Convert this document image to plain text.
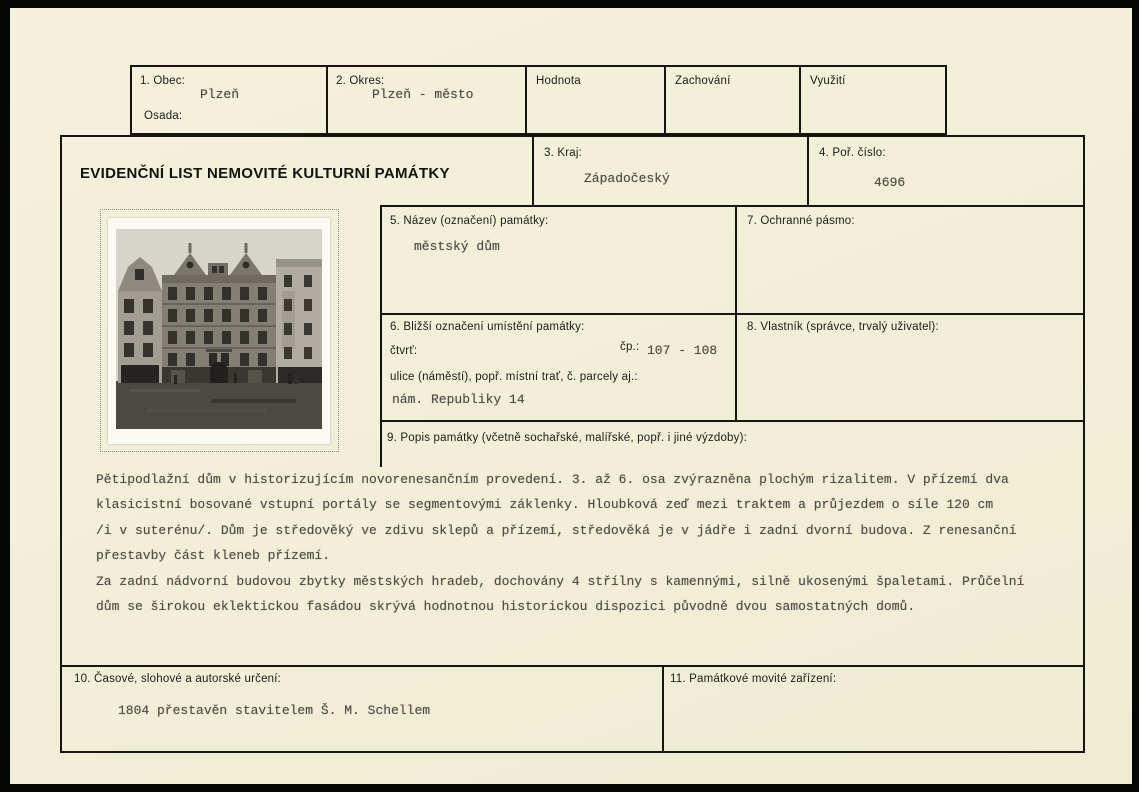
1. Obec:
Plzeň
Osada:
2. Okres:
Plzeň - město
Hodnota	Zachování	Využití
EVIDENČNÍ LIST NEMOVITÉ KULTURNÍ PAMÁTKY
3. Kraj:
Západočeský
4. Poř. číslo:
4696
5. Název (označení) památky:
městský dům
7. Ochranné pásmo:
6. Bližší označení umístění památky:
čtvrť:	čp.: 107 - 108
ulice (náměstí), popř. místní trať, č. parcely aj.:
nám. Republiky 14
8. Vlastník (správce, trvalý uživatel):
9. Popis památky (včetně sochařské, malířské, popř. i jiné výzdoby):
Pětipodlažní dům v historizujícím novorenesančním provedení. 3. až 6. osa zvýrazněna plochým rizalitem. V přízemí dva
klasicistní bosované vstupní portály se segmentovými záklenky. Hloubková zeď mezi traktem a průjezdem o síle 120 cm
/i v suterénu/. Dům je středověký ve zdivu sklepů a přízemí, středověká je v jádře i zadní dvorní budova. Z renesanční
přestavby část kleneb přízemí.
Za zadní nádvorní budovou zbytky městských hradeb, dochovány 4 střílny s kamennými, silně ukosenými špaletami. Průčelní
dům se širokou eklektickou fasádou skrývá hodnotnou historickou dispozici původně dvou samostatných domů.
10. Časové, slohové a autorské určení:
1804 přestavěn stavitelem Š. M. Schellem
11. Památkové movité zařízení:
